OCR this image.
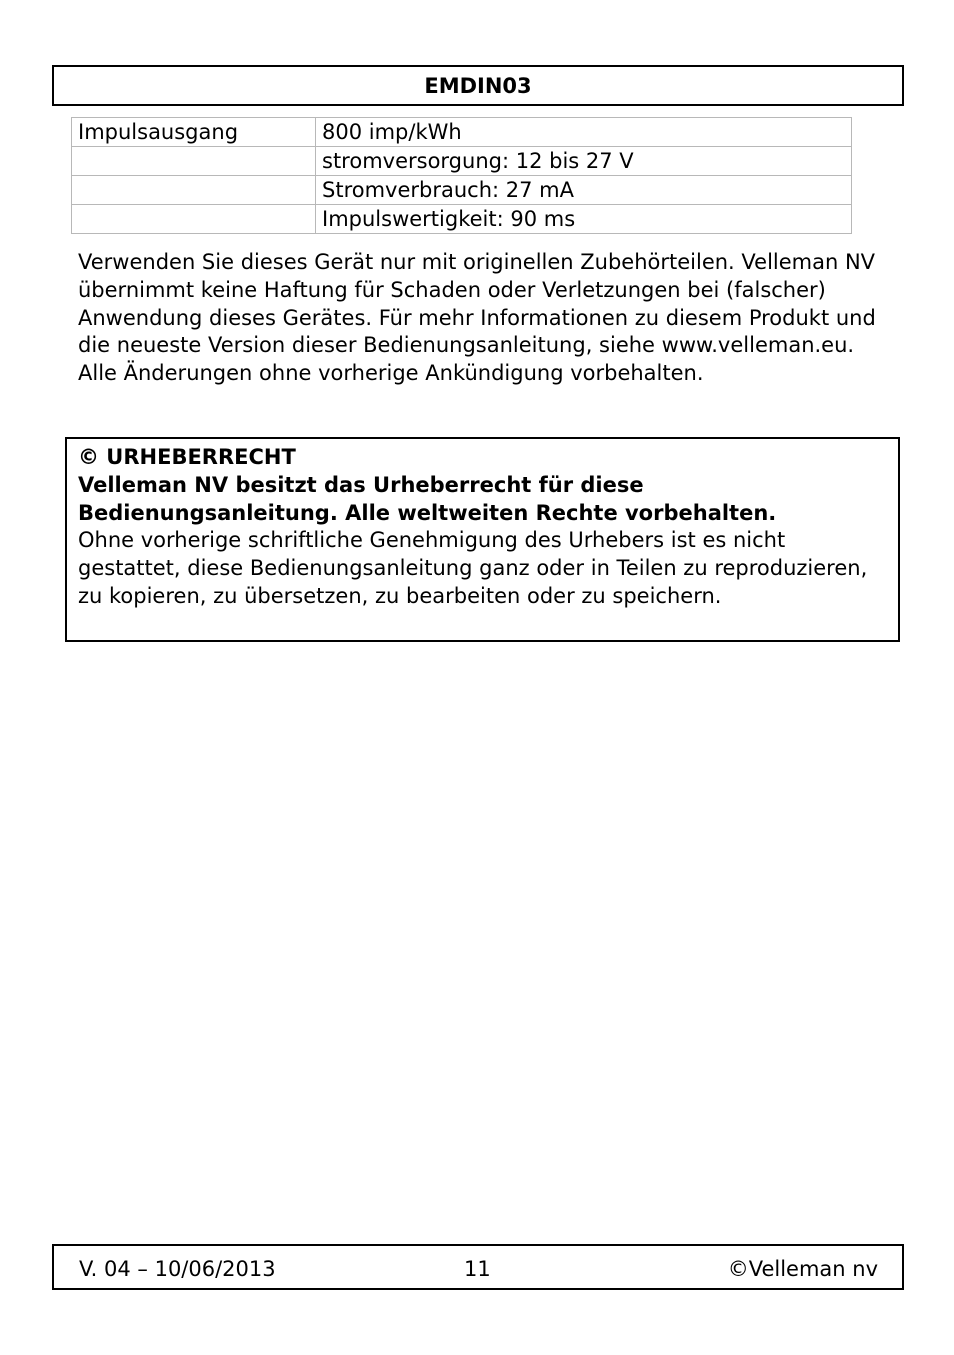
EMDIN03
Impulsausgang	800 imp/kWh
	stromversorgung: 12 bis 27 V
	Stromverbrauch: 27 mA
	Impulswertigkeit: 90 ms

Verwenden Sie dieses Gerät nur mit originellen Zubehörteilen. Velleman NV übernimmt keine Haftung für Schaden oder Verletzungen bei (falscher) Anwendung dieses Gerätes. Für mehr Informationen zu diesem Produkt und die neueste Version dieser Bedienungsanleitung, siehe www.velleman.eu. Alle Änderungen ohne vorherige Ankündigung vorbehalten.

© URHEBERRECHT
Velleman NV besitzt das Urheberrecht für diese
Bedienungsanleitung. Alle weltweiten Rechte vorbehalten.
Ohne vorherige schriftliche Genehmigung des Urhebers ist es nicht gestattet, diese Bedienungsanleitung ganz oder in Teilen zu reproduzieren, zu kopieren, zu übersetzen, zu bearbeiten oder zu speichern.
V. 04 – 10/06/2013	11	©Velleman nv
